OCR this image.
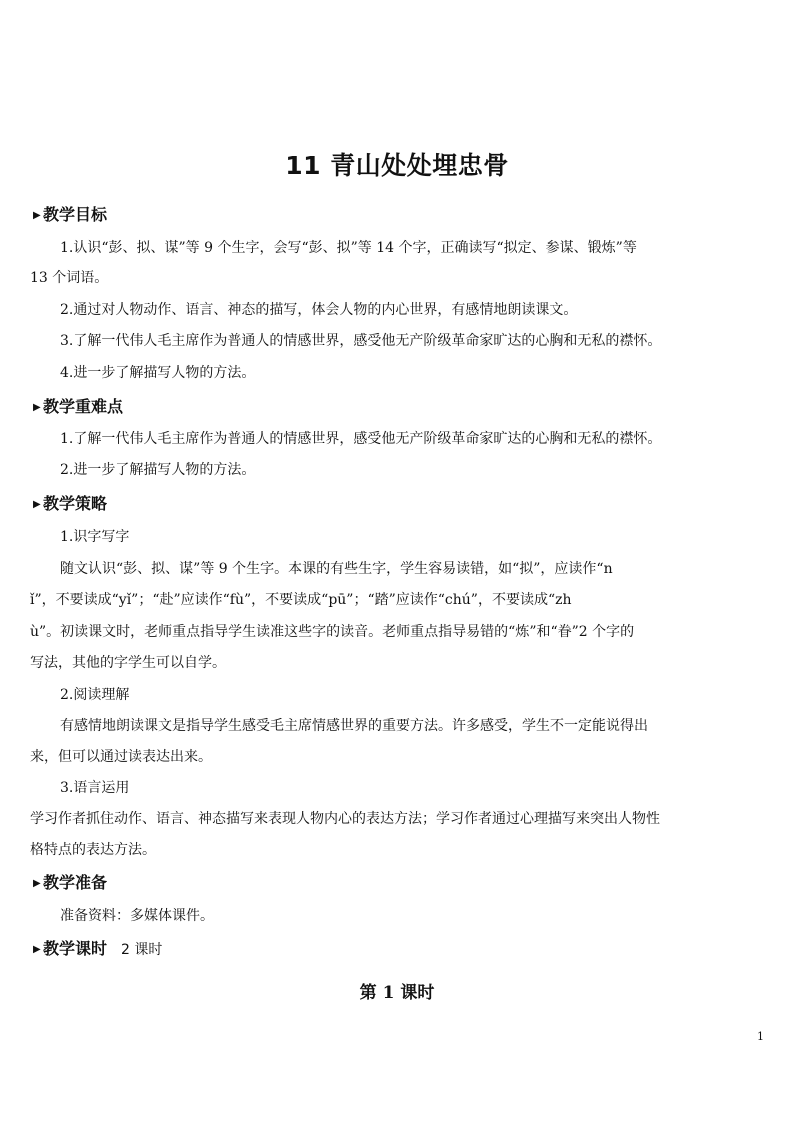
11 青山处处埋忠骨
▶ 教学目标
1.认识“彭、拟、谋”等 9 个生字，会写“彭、拟”等 14 个字，正确读写“拟定、参谋、锻炼”等
13 个词语。
2.通过对人物动作、语言、神态的描写，体会人物的内心世界，有感情地朗读课文。
3.了解一代伟人毛主席作为普通人的情感世界，感受他无产阶级革命家旷达的心胸和无私的襟怀。
4.进一步了解描写人物的方法。
▶ 教学重难点
1.了解一代伟人毛主席作为普通人的情感世界，感受他无产阶级革命家旷达的心胸和无私的襟怀。
2.进一步了解描写人物的方法。
▶ 教学策略
1.识字写字
随文认识“彭、拟、谋”等 9 个生字。本课的有些生字，学生容易读错，如“拟”，应读作“n
ǐ”，不要读成“yǐ”；“赴”应读作“fù”，不要读成“pū”；“踏”应读作“chú”，不要读成“zh
ù”。初读课文时，老师重点指导学生读准这些字的读音。老师重点指导易错的“炼”和“眷”2 个字的
写法，其他的字学生可以自学。
2.阅读理解
有感情地朗读课文是指导学生感受毛主席情感世界的重要方法。许多感受，学生不一定能说得出
来，但可以通过读表达出来。
3.语言运用
学习作者抓住动作、语言、神态描写来表现人物内心的表达方法；学习作者通过心理描写来突出人物性
格特点的表达方法。
▶ 教学准备
准备资料：多媒体课件。
▶ 教学课时 2 课时
第 1 课时
1
